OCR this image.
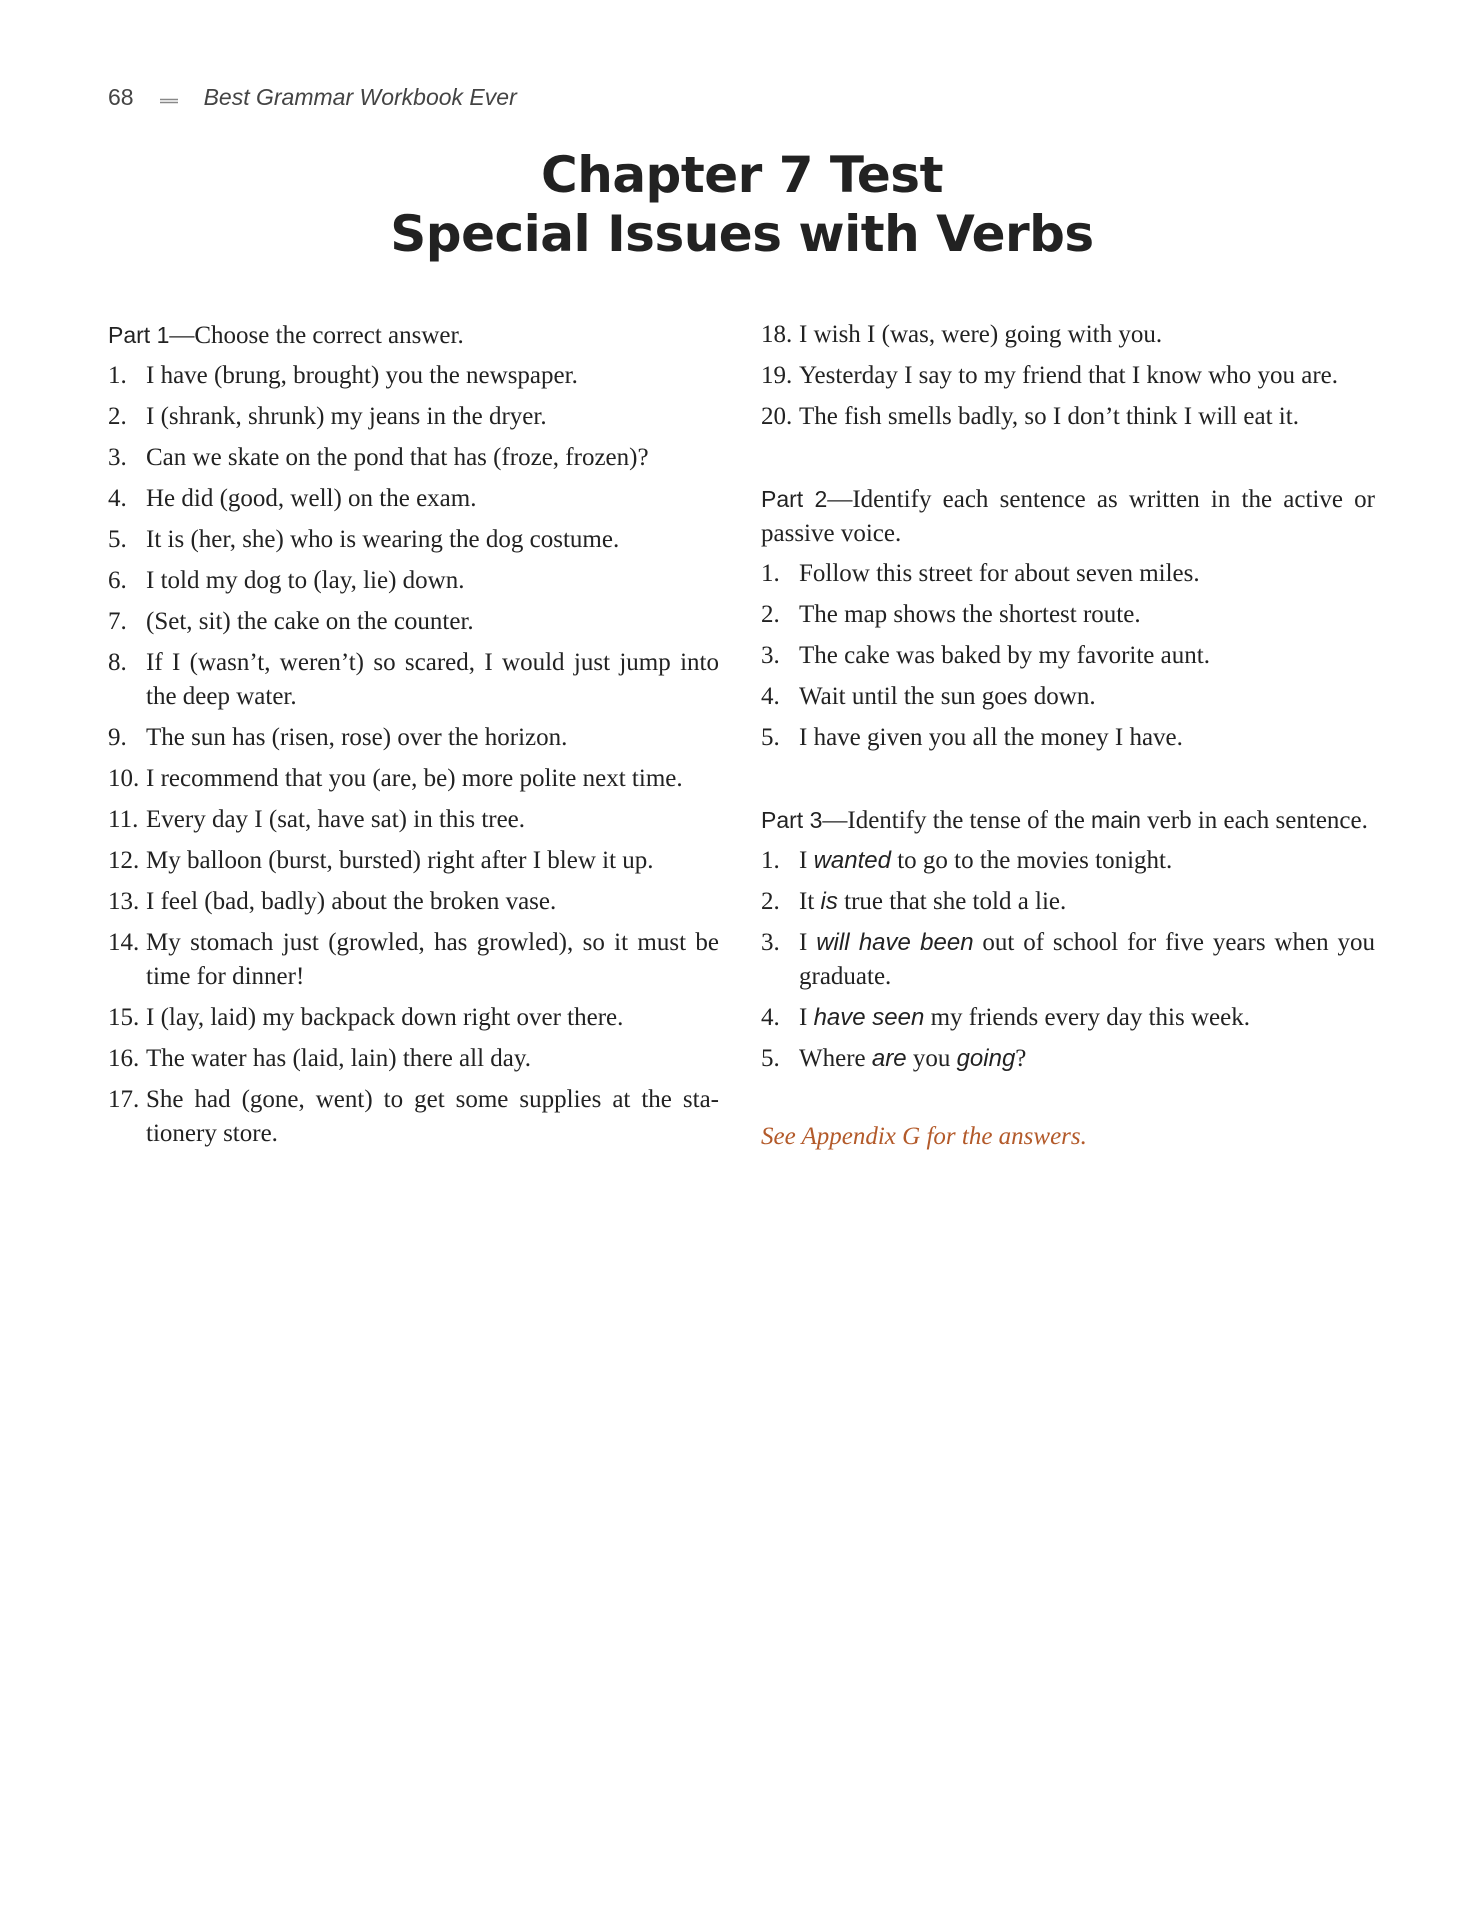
68	Best Grammar Workbook Ever
Chapter 7 Test
Special Issues with Verbs

Part 1—Choose the correct answer.

1. I have (brung, brought) you the newspaper.
2. I (shrank, shrunk) my jeans in the dryer.
3. Can we skate on the pond that has (froze, frozen)?
4. He did (good, well) on the exam.
5. It is (her, she) who is wearing the dog costume.
6. I told my dog to (lay, lie) down.
7. (Set, sit) the cake on the counter.
8. If I (wasn’t, weren’t) so scared, I would just jump into the deep water.
9. The sun has (risen, rose) over the horizon.
10. I recommend that you (are, be) more polite next time.
11. Every day I (sat, have sat) in this tree.
12. My balloon (burst, bursted) right after I blew it up.
13. I feel (bad, badly) about the broken vase.
14. My stomach just (growled, has growled), so it must be time for dinner!
15. I (lay, laid) my backpack down right over there.
16. The water has (laid, lain) there all day.
17. She had (gone, went) to get some supplies at the stationery store.
18. I wish I (was, were) going with you.
19. Yesterday I say to my friend that I know who you are.
20. The fish smells badly, so I don’t think I will eat it.

Part 2—Identify each sentence as written in the active or passive voice.

1. Follow this street for about seven miles.
2. The map shows the shortest route.
3. The cake was baked by my favorite aunt.
4. Wait until the sun goes down.
5. I have given you all the money I have.

Part 3—Identify the tense of the main verb in each sentence.

1. I wanted to go to the movies tonight.
2. It is true that she told a lie.
3. I will have been out of school for five years when you graduate.
4. I have seen my friends every day this week.
5. Where are you going?

See Appendix G for the answers.
